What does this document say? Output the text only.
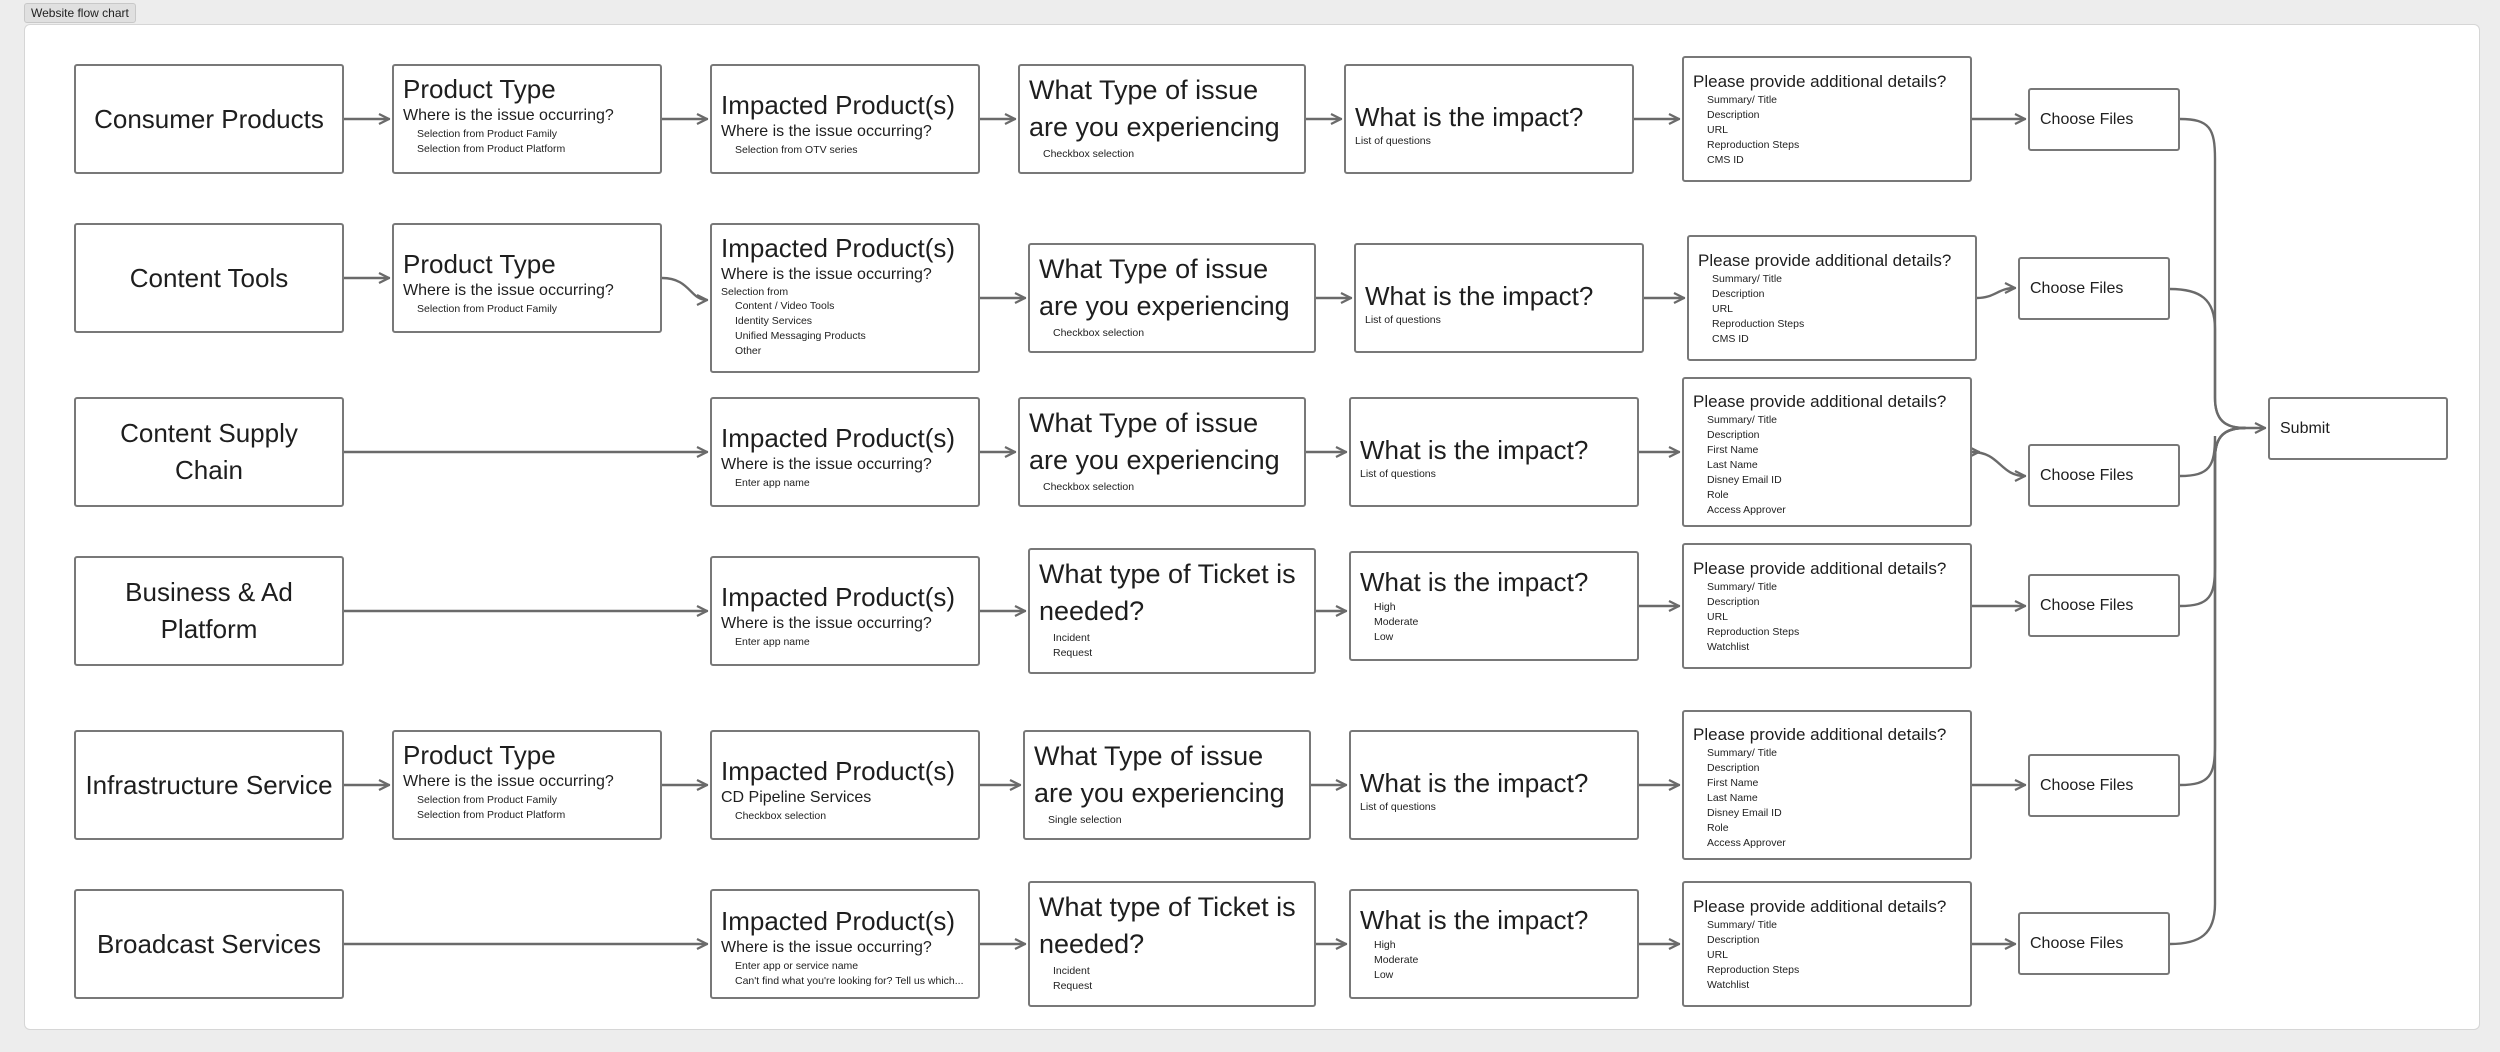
Website flow chart
Consumer Products
Product Type
Where is the issue occurring?
• Selection from Product Family
• Selection from Product Platform
Impacted Product(s)
Where is the issue occurring?
• Selection from OTV series
What Type of issue are you experiencing
• Checkbox selection
What is the impact?
List of questions
Please provide additional details?
• Summary/ Title
• Description
• URL
• Reproduction Steps
• CMS ID
Choose Files
Content Tools	Product Type
Where is the issue occurring?
• Selection from Product Family
Impacted Product(s)
Where is the issue occurring?
Selection from
• Content / Video Tools
• Identity Services
• Unified Messaging Products
• Other
What Type of issue are you experiencing
• Checkbox selection
What is the impact?
List of questions
Please provide additional details?
• Summary/ Title
• Description
• URL
• Reproduction Steps
• CMS ID
Choose Files
Content Supply Chain
Impacted Product(s)
Where is the issue occurring?
• Enter app name
What Type of issue are you experiencing
• Checkbox selection
What is the impact?
List of questions
Please provide additional details?
• Summary/ Title
• Description
• First Name
• Last Name
• Disney Email ID
• Role
• Access Approver
Choose Files
Business & Ad Platform
Impacted Product(s)
Where is the issue occurring?
• Enter app name
What type of Ticket is needed?
• Incident
• Request
What is the impact?
• High
• Moderate
• Low
Please provide additional details?
• Summary/ Title
• Description
• URL
• Reproduction Steps
• Watchlist
Choose Files
Infrastructure Service
Product Type
Where is the issue occurring?
• Selection from Product Family
• Selection from Product Platform
Impacted Product(s)
CD Pipeline Services
• Checkbox selection
What Type of issue are you experiencing
• Single selection
What is the impact?
List of questions
Please provide additional details?
• Summary/ Title
• Description
• First Name
• Last Name
• Disney Email ID
• Role
• Access Approver
Choose Files
Broadcast Services
Impacted Product(s)
Where is the issue occurring?
• Enter app or service name
• Can't find what you're looking for? Tell us which...
What type of Ticket is needed?
• Incident
• Request
What is the impact?
• High
• Moderate
• Low
Please provide additional details?
• Summary/ Title
• Description
• URL
• Reproduction Steps
• Watchlist
Choose Files
Submit
